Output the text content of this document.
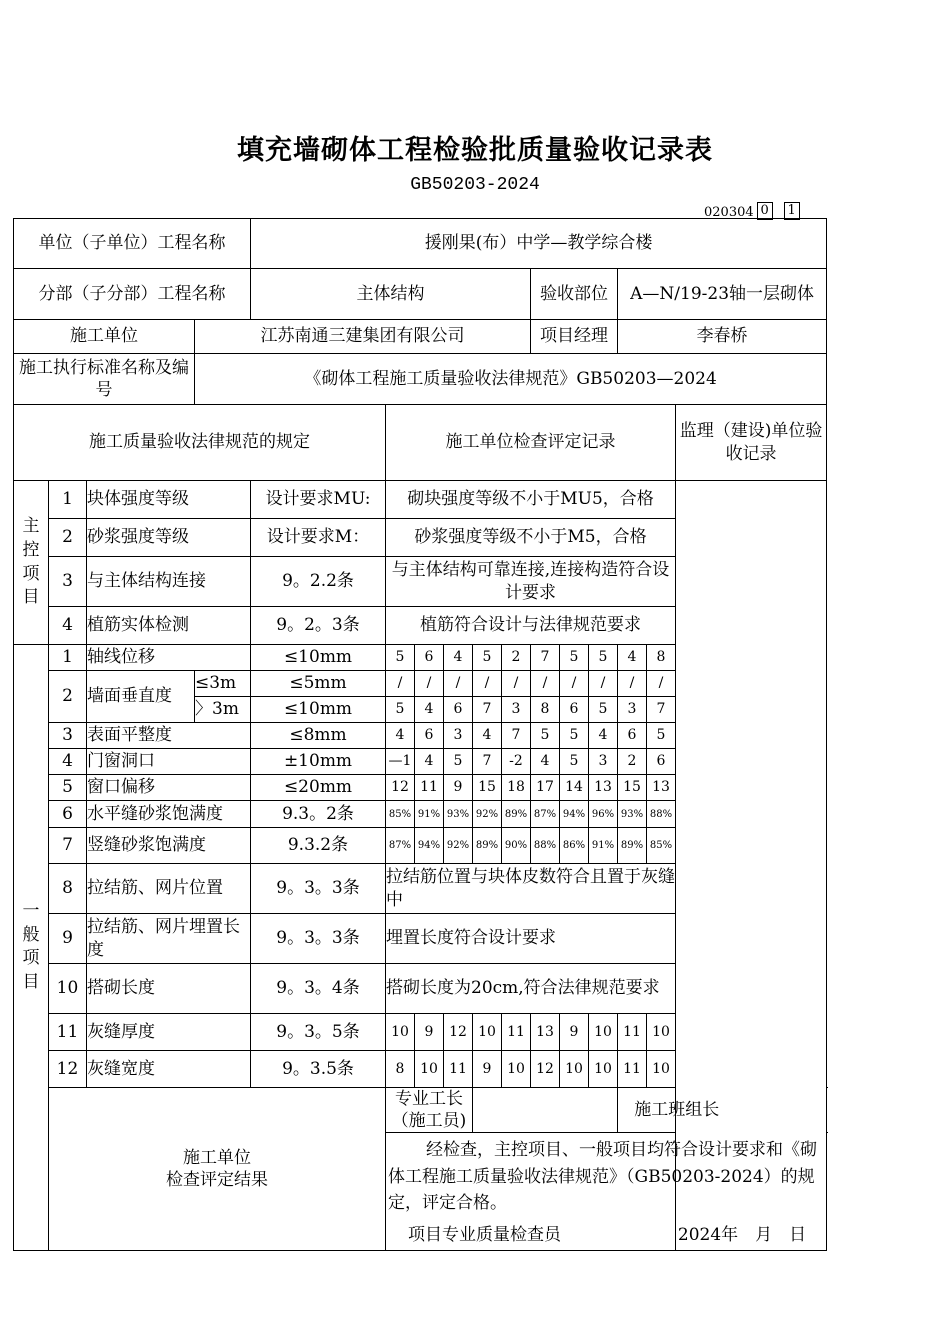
填充墙砌体工程检验批质量验收记录表
GB50203-2024
020304 0 1
单位（子单位）工程名称				援刚果(布）中学—教学综合楼												
分部（子分部）工程名称				主体结构						验收部位			A—N/19-23轴一层砌体			
施工单位			江苏南通三建集团有限公司							项目经理			李春桥			
施工执行标准名称及编号			《砌体工程施工质量验收法律规范》GB50203—2024													
施工质量验收法律规范的规定					施工单位检查评定记录										监理（建设)单位验收记录	
主控项目	1	块体强度等级		设计要求MU:	砌块强度等级不小于MU5，合格											
	2	砂浆强度等级		设计要求M：	砂浆强度等级不小于M5，合格											
	3	与主体结构连接		9。2.2条	与主体结构可靠连接,连接构造符合设计要求											
	4	植筋实体检测		9。2。3条	植筋符合设计与法律规范要求											
一般项目	1	轴线位移		≤10mm	5	6	4	5	2	7	5	5	4	8		
	2	墙面垂直度	≤3m	≤5mm	/	/	/	/	/	/	/	/	/	/		
			〉3m	≤10mm	5	4	6	7	3	8	6	5	3	7		
	3	表面平整度		≤8mm	4	6	3	4	7	5	5	4	6	5		
	4	门窗洞口		±10mm	—1	4	5	7	-2	4	5	3	2	6		
	5	窗口偏移		≤20mm	12	11	9	15	18	17	14	13	15	13		
	6	水平缝砂浆饱满度		9.3。2条	85%	91%	93%	92%	89%	87%	94%	96%	93%	88%		
	7	竖缝砂浆饱满度		9.3.2条	87%	94%	92%	89%	90%	88%	86%	91%	89%	85%		
	8	拉结筋、网片位置		9。3。3条	拉结筋位置与块体皮数符合且置于灰缝中											
	9	拉结筋、网片埋置长度		9。3。3条	埋置长度符合设计要求											
	10	搭砌长度		9。3。4条	搭砌长度为20cm,符合法律规范要求											
	11	灰缝厚度		9。3。5条	10	9	12	10	11	13	9	10	11	10		
	12	灰缝宽度		9。3.5条	8	10	11	9	10	12	10	10	11	10		

	施工单位
检查评定结果				专业工长（施工员)								施工班组长			
					经检查，主控项目、一般项目均符合设计要求和《砌体工程施工质量验收法律规范》（GB50203-2024）的规定，评定合格。											

					项目专业质量检查员 2024年　月　日											
